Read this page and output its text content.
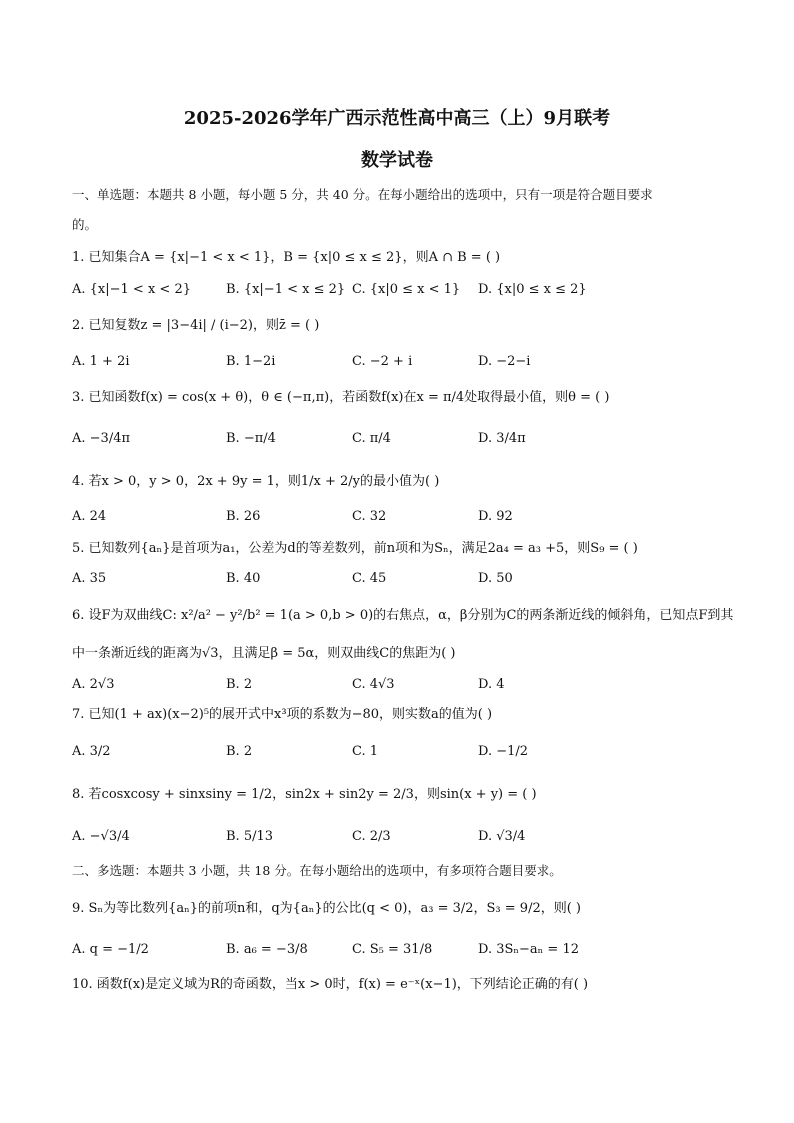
2025-2026学年广西示范性高中高三（上）9月联考
数学试卷
一、单选题：本题共 8 小题，每小题 5 分，共 40 分。在每小题给出的选项中，只有一项是符合题目要求
的。
1. 已知集合A = {x|−1 < x < 1}，B = {x|0 ≤ x ≤ 2}，则A ∩ B = ( )
A. {x|−1 < x < 2}	B. {x|−1 < x ≤ 2} C. {x|0 ≤ x < 1} D. {x|0 ≤ x ≤ 2}
2. 已知复数z = |3−4i| / (i−2)，则z̄ = ( )
A. 1 + 2i	B. 1−2i	C. −2 + i	D. −2−i
3. 已知函数f(x) = cos(x + θ)，θ ∈ (−π,π)，若函数f(x)在x = π/4处取得最小值，则θ = ( )
A. −3/4π	B. −π/4	C. π/4	D. 3/4π
4. 若x > 0，y > 0，2x + 9y = 1，则1/x + 2/y的最小值为( )
A. 24	B. 26	C. 32	D. 92
5. 已知数列{aₙ}是首项为a₁，公差为d的等差数列，前n项和为Sₙ，满足2a₄ = a₃ +5，则S₉ = ( )
A. 35	B. 40	C. 45	D. 50
6. 设F为双曲线C: x²/a² − y²/b² = 1(a > 0,b > 0)的右焦点，α，β分别为C的两条渐近线的倾斜角，已知点F到其
中一条渐近线的距离为√3，且满足β = 5α，则双曲线C的焦距为( )
A. 2√3	B. 2	C. 4√3	D. 4
7. 已知(1 + ax)(x−2)⁵的展开式中x³项的系数为−80，则实数a的值为( )
A. 3/2	B. 2	C. 1	D. −1/2
8. 若cosxcosy + sinxsiny = 1/2，sin2x + sin2y = 2/3，则sin(x + y) = ( )
A. −√3/4	B. 5/13	C. 2/3	D. √3/4
二、多选题：本题共 3 小题，共 18 分。在每小题给出的选项中，有多项符合题目要求。
9. Sₙ为等比数列{aₙ}的前项n和，q为{aₙ}的公比(q < 0)，a₃ = 3/2，S₃ = 9/2，则( )
A. q = −1/2	B. a₆ = −3/8	C. S₅ = 31/8	D. 3Sₙ−aₙ = 12
10. 函数f(x)是定义域为R的奇函数，当x > 0时，f(x) = e⁻ˣ(x−1)，下列结论正确的有( )
